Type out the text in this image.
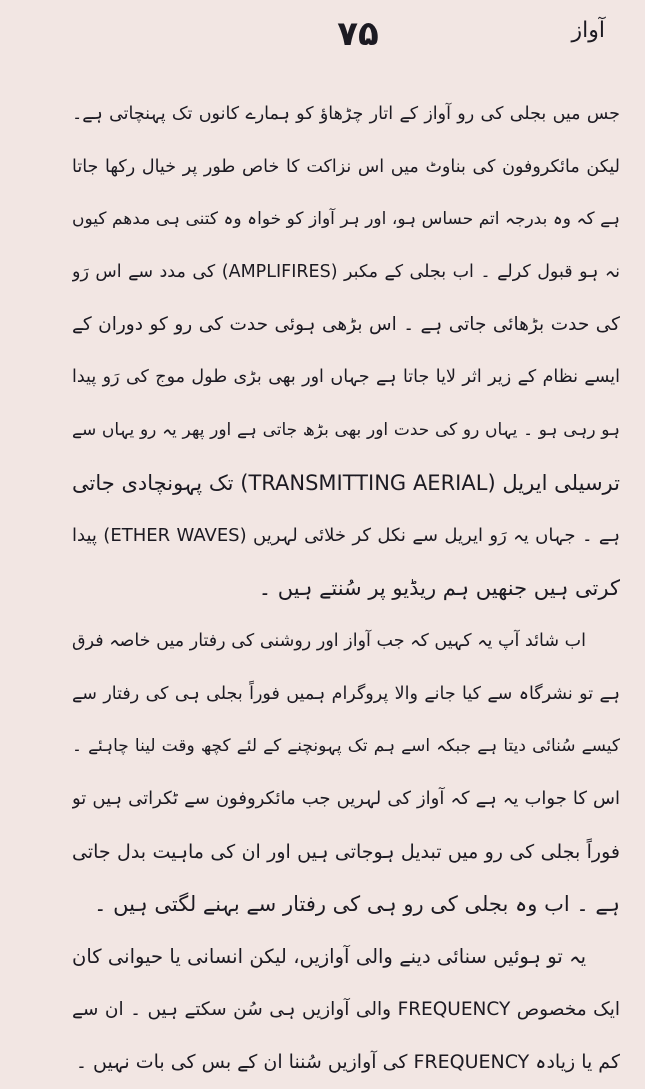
۷۵	آواز
جس میں بجلی کی رو آواز کے اتار چڑھاؤ کو ہمارے کانوں تک پہنچاتی ہے۔
لیکن مائکروفون کی بناوٹ میں اس نزاکت کا خاص طور پر خیال رکھا جاتا
ہے کہ وہ بدرجہ اتم حساس ہو، اور ہر آواز کو خواہ وہ کتنی ہی مدھم کیوں
نہ ہو قبول کرلے ۔ اب بجلی کے مکبر (AMPLIFIRES) کی مدد سے اس رَو
کی حدت بڑھائی جاتی ہے ۔ اس بڑھی ہوئی حدت کی رو کو دوران کے
ایسے نظام کے زیر اثر لایا جاتا ہے جہاں اور بھی بڑی طول موج کی رَو پیدا
ہو رہی ہو ۔ یہاں رو کی حدت اور بھی بڑھ جاتی ہے اور پھر یہ رو یہاں سے
ترسیلی ایریل (TRANSMITTING AERIAL) تک پہونچادی جاتی
ہے ۔ جہاں یہ رَو ایریل سے نکل کر خلائی لہریں (ETHER WAVES) پیدا
کرتی ہیں جنھیں ہم ریڈیو پر سُنتے ہیں ۔
اب شائد آپ یہ کہیں کہ جب آواز اور روشنی کی رفتار میں خاصہ فرق
ہے تو نشرگاہ سے کیا جانے والا پروگرام ہمیں فوراً بجلی ہی کی رفتار سے
کیسے سُنائی دیتا ہے جبکہ اسے ہم تک پہونچنے کے لئے کچھ وقت لینا چاہئے ۔
اس کا جواب یہ ہے کہ آواز کی لہریں جب مائکروفون سے ٹکراتی ہیں تو
فوراً بجلی کی رو میں تبدیل ہوجاتی ہیں اور ان کی ماہیت بدل جاتی
ہے ۔ اب وہ بجلی کی رو ہی کی رفتار سے بہنے لگتی ہیں ۔
یہ تو ہوئیں سنائی دینے والی آوازیں، لیکن انسانی یا حیوانی کان
ایک مخصوص FREQUENCY والی آوازیں ہی سُن سکتے ہیں ۔ ان سے
کم یا زیادہ FREQUENCY کی آوازیں سُننا ان کے بس کی بات نہیں ۔
